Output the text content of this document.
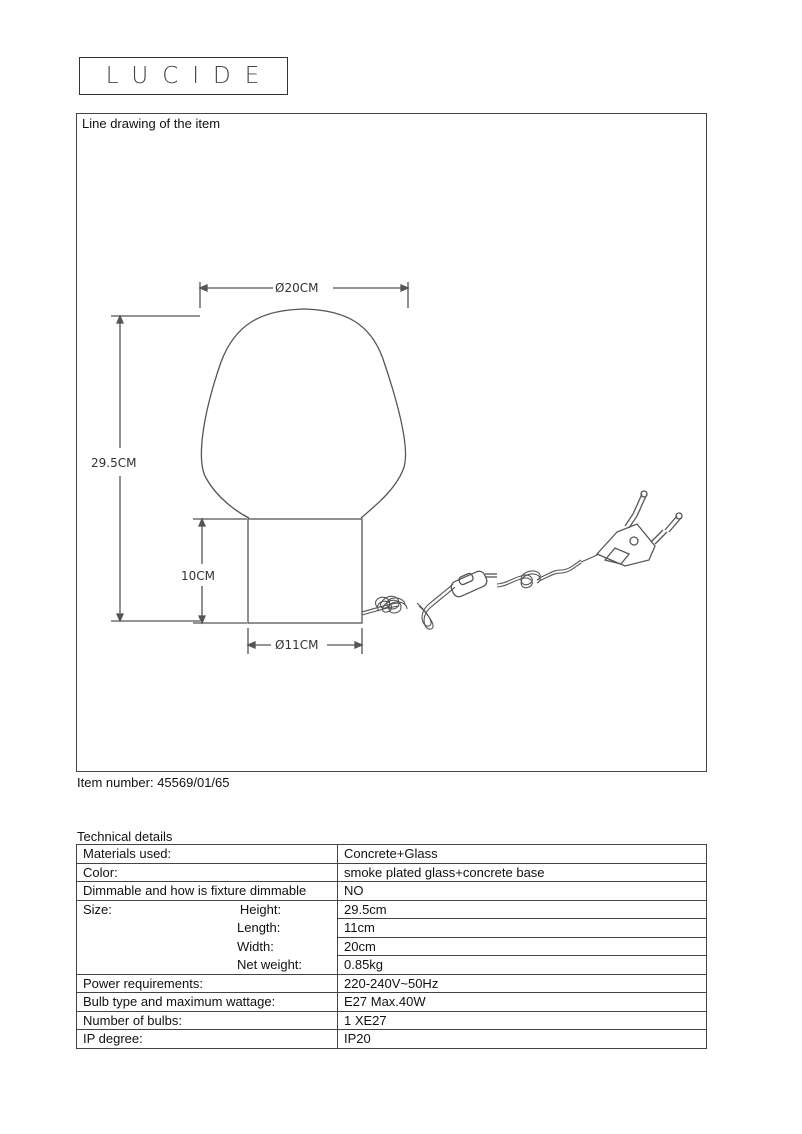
LUCIDE
Line drawing of the item
Ø20CM
29.5CM
10CM
Ø11CM
Item number: 45569/01/65
Technical details
Materials used:	Concrete+Glass
Color:	smoke plated glass+concrete base
Dimmable and how is fixture dimmable	NO
Size: Height:	29.5cm
Length:	11cm
Width:	20cm
Net weight:	0.85kg
Power requirements:	220-240V~50Hz
Bulb type and maximum wattage:	E27 Max.40W
Number of bulbs:	1 XE27
IP degree:	IP20
